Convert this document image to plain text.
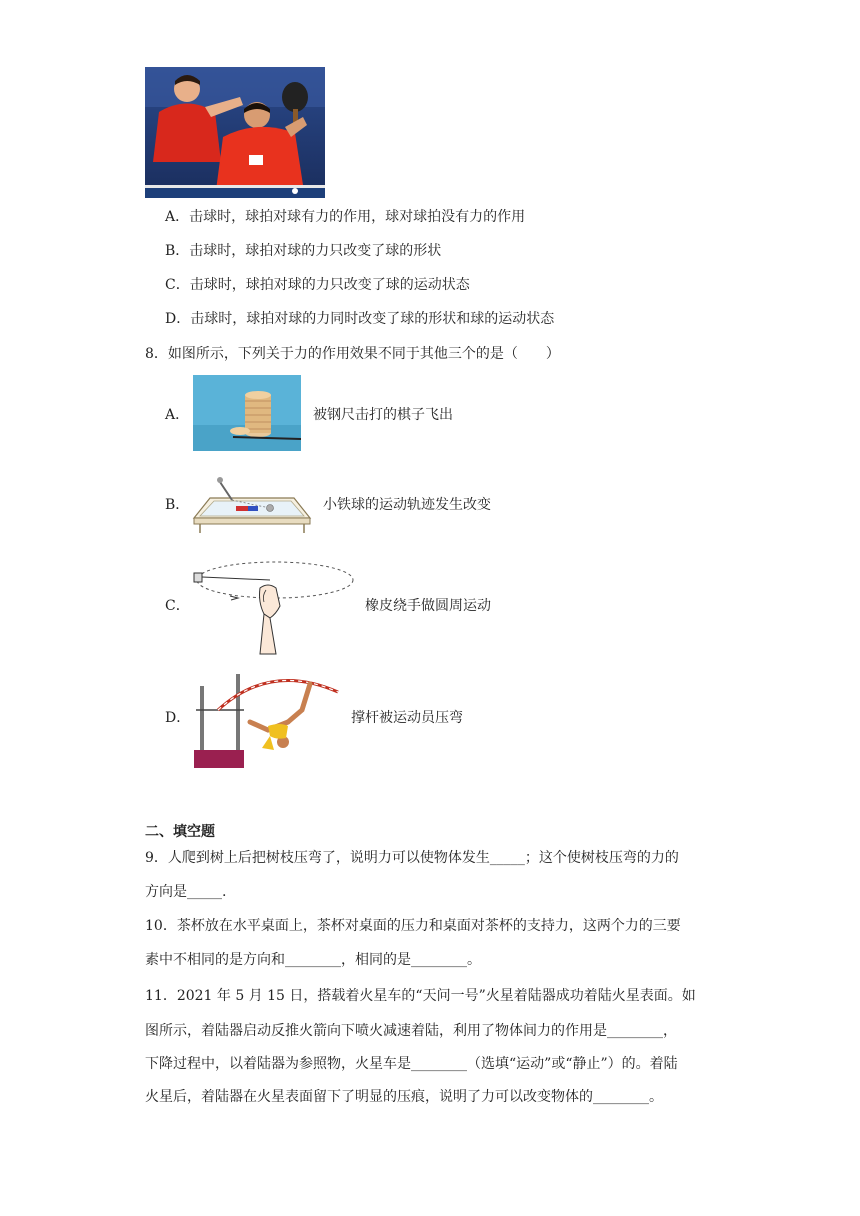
A．击球时，球拍对球有力的作用，球对球拍没有力的作用
B．击球时，球拍对球的力只改变了球的形状
C．击球时，球拍对球的力只改变了球的运动状态
D．击球时，球拍对球的力同时改变了球的形状和球的运动状态
8．如图所示，下列关于力的作用效果不同于其他三个的是（　　）
A．	被钢尺击打的棋子飞出
B．	小铁球的运动轨迹发生改变
C．	橡皮绕手做圆周运动
D．	撑杆被运动员压弯
二、填空题
9．人爬到树上后把树枝压弯了，说明力可以使物体发生_____；这个使树枝压弯的力的
方向是_____.
10．茶杯放在水平桌面上，茶杯对桌面的压力和桌面对茶杯的支持力，这两个力的三要
素中不相同的是方向和________，相同的是________。
11．2021 年 5 月 15 日，搭载着火星车的“天问一号”火星着陆器成功着陆火星表面。如
图所示，着陆器启动反推火箭向下喷火减速着陆，利用了物体间力的作用是________，
下降过程中，以着陆器为参照物，火星车是________（选填“运动”或“静止”）的。着陆
火星后，着陆器在火星表面留下了明显的压痕，说明了力可以改变物体的________。
